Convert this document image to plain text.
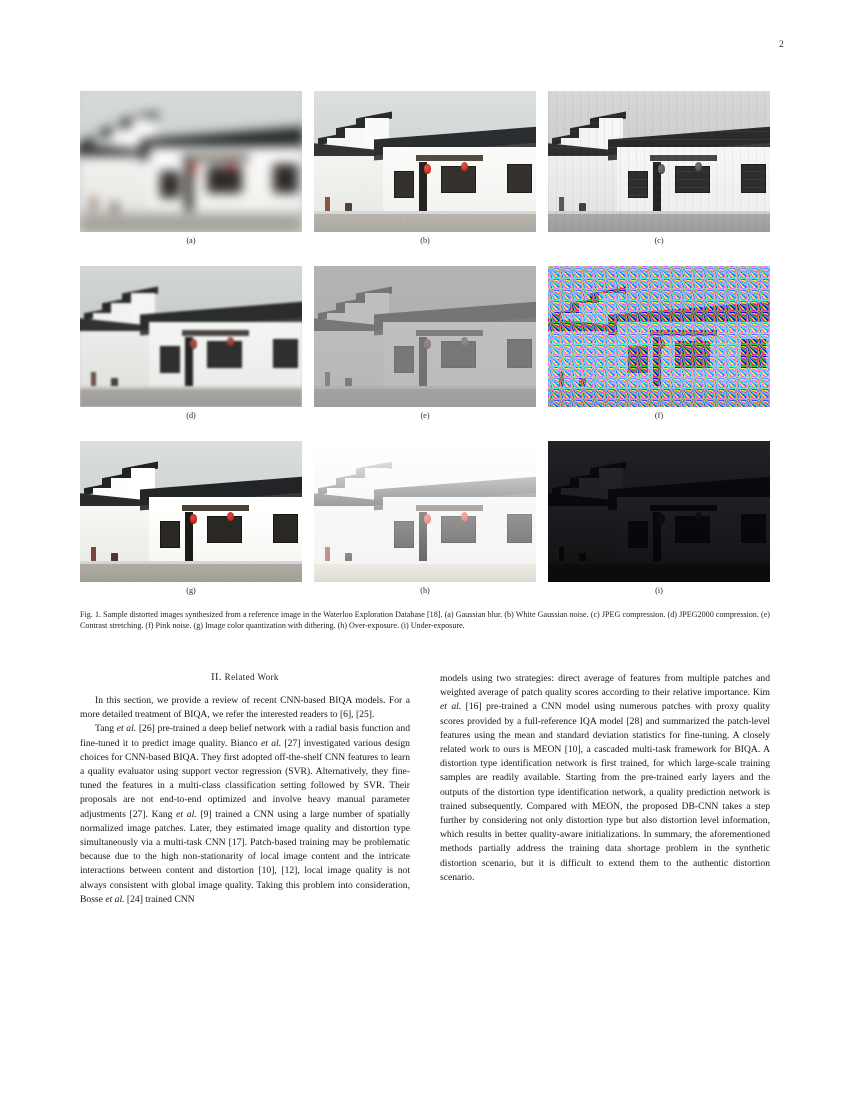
2
(a)	(b)	(c)
(d)	(e)	(f)
(g)	(h)	(i)
Fig. 1. Sample distorted images synthesized from a reference image in the Waterloo Exploration Database [18]. (a) Gaussian blur. (b) White Gaussian noise. (c) JPEG compression. (d) JPEG2000 compression. (e) Contrast stretching. (f) Pink noise. (g) Image color quantization with dithering. (h) Over-exposure. (i) Under-exposure.
II. Related Work

In this section, we provide a review of recent CNN-based BIQA models. For a more detailed treatment of BIQA, we refer the interested readers to [6], [25].

Tang et al. [26] pre-trained a deep belief network with a radial basis function and fine-tuned it to predict image quality. Bianco et al. [27] investigated various design choices for CNN-based BIQA. They first adopted off-the-shelf CNN features to learn a quality evaluator using support vector regression (SVR). Alternatively, they fine-tuned the features in a multi-class classification setting followed by SVR. Their proposals are not end-to-end optimized and involve heavy manual parameter adjustments [27]. Kang et al. [9] trained a CNN using a large number of spatially normalized image patches. Later, they estimated image quality and distortion type simultaneously via a multi-task CNN [17]. Patch-based training may be problematic because due to the high non-stationarity of local image content and the intricate interactions between content and distortion [10], [12], local image quality is not always consistent with global image quality. Taking this problem into consideration, Bosse et al. [24] trained CNN

models using two strategies: direct average of features from multiple patches and weighted average of patch quality scores according to their relative importance. Kim et al. [16] pre-trained a CNN model using numerous patches with proxy quality scores provided by a full-reference IQA model [28] and summarized the patch-level features using the mean and standard deviation statistics for fine-tuning. A closely related work to ours is MEON [10], a cascaded multi-task framework for BIQA. A distortion type identification network is first trained, for which large-scale training samples are readily available. Starting from the pre-trained early layers and the outputs of the distortion type identification network, a quality prediction network is trained subsequently. Compared with MEON, the proposed DB-CNN takes a step further by considering not only distortion type but also distortion level information, which results in better quality-aware initializations. In summary, the aforementioned methods partially address the training data shortage problem in the synthetic distortion scenario, but it is difficult to extend them to the authentic distortion scenario.
